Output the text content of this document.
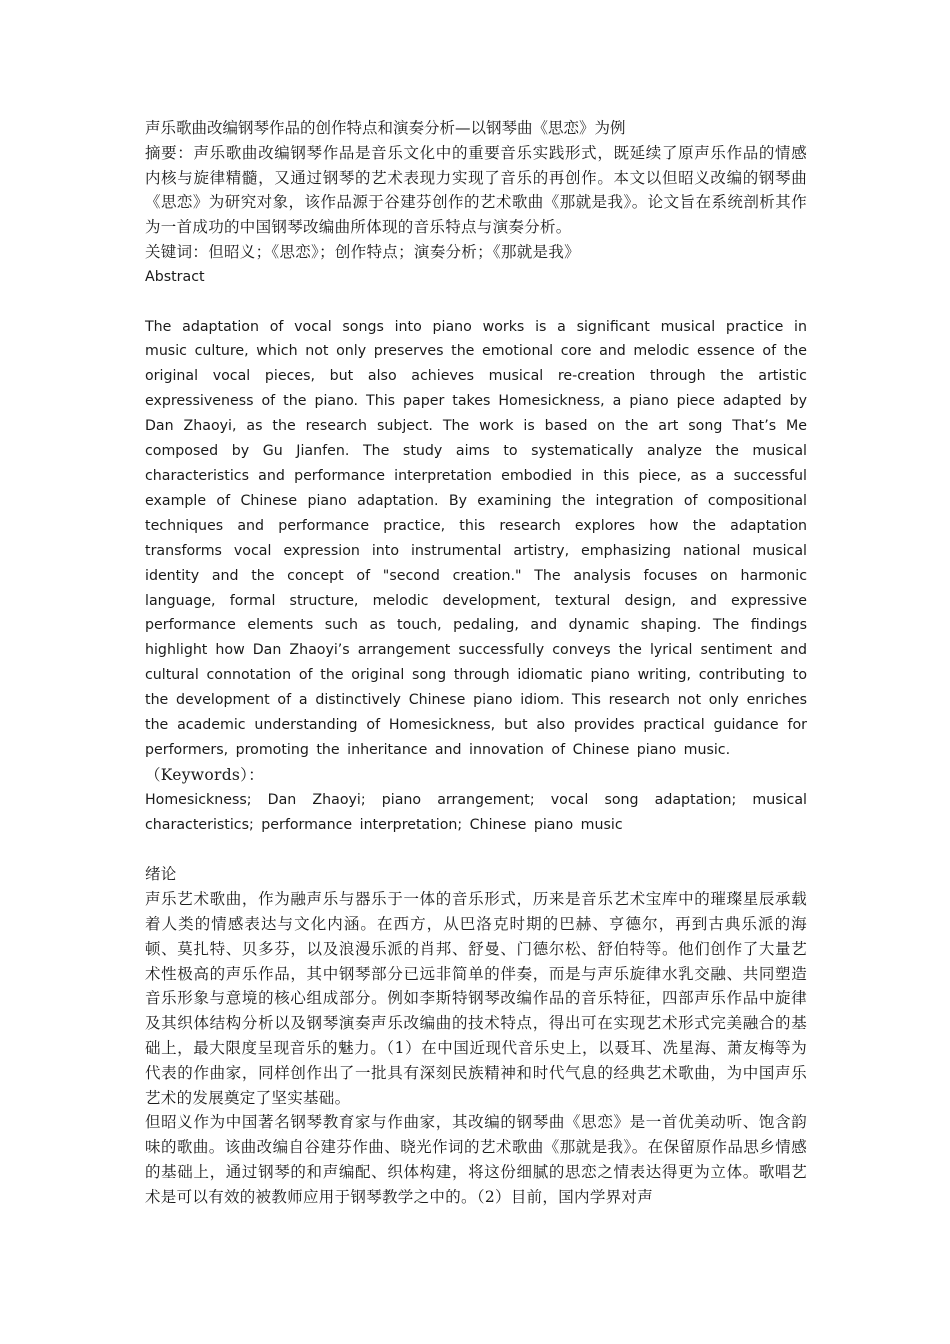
声乐歌曲改编钢琴作品的创作特点和演奏分析—以钢琴曲《思恋》为例

摘要：声乐歌曲改编钢琴作品是音乐文化中的重要音乐实践形式，既延续了原声乐作品的情感内核与旋律精髓，又通过钢琴的艺术表现力实现了音乐的再创作。本文以但昭义改编的钢琴曲《思恋》为研究对象，该作品源于谷建芬创作的艺术歌曲《那就是我》。论文旨在系统剖析其作为一首成功的中国钢琴改编曲所体现的音乐特点与演奏分析。

关键词：但昭义；《思恋》；创作特点；演奏分析；《那就是我》

Abstract

The adaptation of vocal songs into piano works is a significant musical practice in music culture, which not only preserves the emotional core and melodic essence of the original vocal pieces, but also achieves musical re-creation through the artistic expressiveness of the piano. This paper takes Homesickness, a piano piece adapted by Dan Zhaoyi, as the research subject. The work is based on the art song That’s Me composed by Gu Jianfen. The study aims to systematically analyze the musical characteristics and performance interpretation embodied in this piece, as a successful example of Chinese piano adaptation. By examining the integration of compositional techniques and performance practice, this research explores how the adaptation transforms vocal expression into instrumental artistry, emphasizing national musical identity and the concept of "second creation." The analysis focuses on harmonic language, formal structure, melodic development, textural design, and expressive performance elements such as touch, pedaling, and dynamic shaping. The findings highlight how Dan Zhaoyi’s arrangement successfully conveys the lyrical sentiment and cultural connotation of the original song through idiomatic piano writing, contributing to the development of a distinctively Chinese piano idiom. This research not only enriches the academic understanding of Homesickness, but also provides practical guidance for performers, promoting the inheritance and innovation of Chinese piano music.

（Keywords）：

Homesickness; Dan Zhaoyi; piano arrangement; vocal song adaptation; musical characteristics; performance interpretation; Chinese piano music

绪论

声乐艺术歌曲，作为融声乐与器乐于一体的音乐形式，历来是音乐艺术宝库中的璀璨星辰承载着人类的情感表达与文化内涵。在西方，从巴洛克时期的巴赫、亨德尔，再到古典乐派的海顿、莫扎特、贝多芬，以及浪漫乐派的肖邦、舒曼、门德尔松、舒伯特等。他们创作了大量艺术性极高的声乐作品，其中钢琴部分已远非简单的伴奏，而是与声乐旋律水乳交融、共同塑造音乐形象与意境的核心组成部分。例如李斯特钢琴改编作品的音乐特征，四部声乐作品中旋律及其织体结构分析以及钢琴演奏声乐改编曲的技术特点，得出可在实现艺术形式完美融合的基础上，最大限度呈现音乐的魅力。（1）在中国近现代音乐史上，以聂耳、冼星海、萧友梅等为代表的作曲家，同样创作出了一批具有深刻民族精神和时代气息的经典艺术歌曲，为中国声乐艺术的发展奠定了坚实基础。

但昭义作为中国著名钢琴教育家与作曲家，其改编的钢琴曲《思恋》是一首优美动听、饱含韵味的歌曲。该曲改编自谷建芬作曲、晓光作词的艺术歌曲《那就是我》。在保留原作品思乡情感的基础上，通过钢琴的和声编配、织体构建，将这份细腻的思恋之情表达得更为立体。歌唱艺术是可以有效的被教师应用于钢琴教学之中的。（2）目前，国内学界对声
